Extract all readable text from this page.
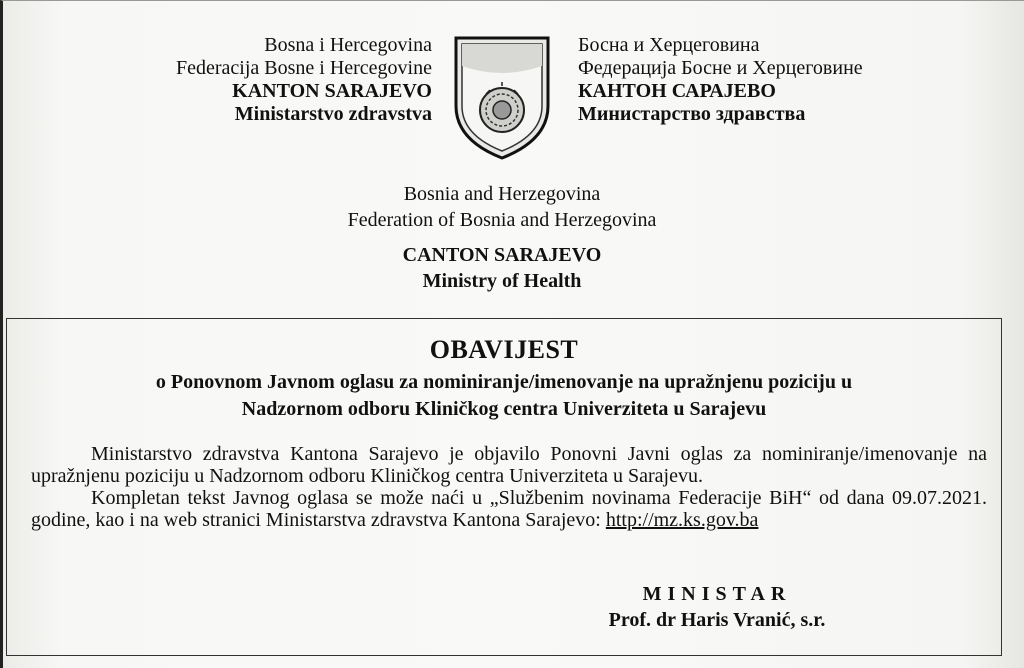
Bosna i Hercegovina
Federacija Bosne i Hercegovine
KANTON SARAJEVO
Ministarstvo zdravstva
Босна и Херцеговина
Федерација Босне и Херцеговине
КАНТОН САРАЈЕВО
Министарство здравства
Bosnia and Herzegovina
Federation of Bosnia and Herzegovina
CANTON SARAJEVO
Ministry of Health
OBAVIJEST
o Ponovnom Javnom oglasu za nominiranje/imenovanje na upražnjenu poziciju u
Nadzornom odboru Kliničkog centra Univerziteta u Sarajevu

Ministarstvo zdravstva Kantona Sarajevo je objavilo Ponovni Javni oglas za nominiranje/imenovanje na upražnjenu poziciju u Nadzornom odboru Kliničkog centra Univerziteta u Sarajevu.

Kompletan tekst Javnog oglasa se može naći u „Službenim novinama Federacije BiH“ od dana 09.07.2021. godine, kao i na web stranici Ministarstva zdravstva Kantona Sarajevo: http://mz.ks.gov.ba

MINISTAR
Prof. dr Haris Vranić, s.r.
